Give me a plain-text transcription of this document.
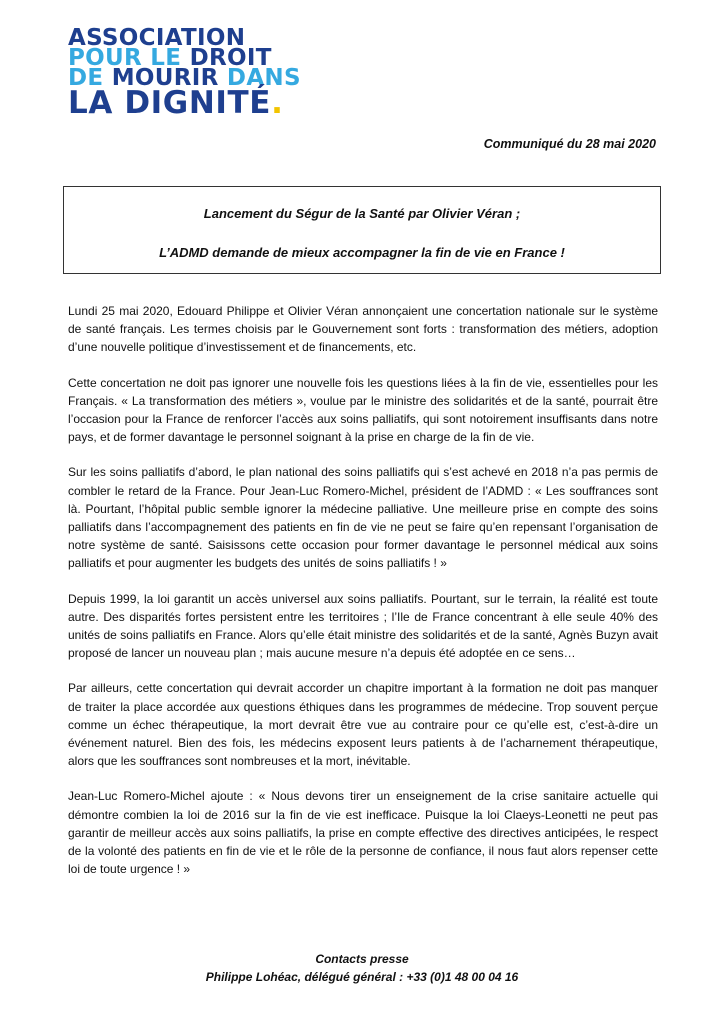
ASSOCIATION
POUR LE DROIT
DE MOURIR DANS
LA DIGNITÉ.
Communiqué du 28 mai 2020
Lancement du Ségur de la Santé par Olivier Véran ;
L’ADMD demande de mieux accompagner la fin de vie en France !

Lundi 25 mai 2020, Edouard Philippe et Olivier Véran annonçaient une concertation nationale sur le système de santé français. Les termes choisis par le Gouvernement sont forts : transformation des métiers, adoption d’une nouvelle politique d’investissement et de financements, etc.

Cette concertation ne doit pas ignorer une nouvelle fois les questions liées à la fin de vie, essentielles pour les Français. « La transformation des métiers », voulue par le ministre des solidarités et de la santé, pourrait être l’occasion pour la France de renforcer l’accès aux soins palliatifs, qui sont notoirement insuffisants dans notre pays, et de former davantage le personnel soignant à la prise en charge de la fin de vie.

Sur les soins palliatifs d’abord, le plan national des soins palliatifs qui s’est achevé en 2018 n’a pas permis de combler le retard de la France. Pour Jean-Luc Romero-Michel, président de l’ADMD : « Les souffrances sont là. Pourtant, l’hôpital public semble ignorer la médecine palliative. Une meilleure prise en compte des soins palliatifs dans l’accompagnement des patients en fin de vie ne peut se faire qu’en repensant l’organisation de notre système de santé. Saisissons cette occasion pour former davantage le personnel médical aux soins palliatifs et pour augmenter les budgets des unités de soins palliatifs ! »

Depuis 1999, la loi garantit un accès universel aux soins palliatifs. Pourtant, sur le terrain, la réalité est toute autre. Des disparités fortes persistent entre les territoires ; l’Ile de France concentrant à elle seule 40% des unités de soins palliatifs en France. Alors qu’elle était ministre des solidarités et de la santé, Agnès Buzyn avait proposé de lancer un nouveau plan ; mais aucune mesure n’a depuis été adoptée en ce sens…

Par ailleurs, cette concertation qui devrait accorder un chapitre important à la formation ne doit pas manquer de traiter la place accordée aux questions éthiques dans les programmes de médecine. Trop souvent perçue comme un échec thérapeutique, la mort devrait être vue au contraire pour ce qu’elle est, c’est-à-dire un événement naturel. Bien des fois, les médecins exposent leurs patients à de l’acharnement thérapeutique, alors que les souffrances sont nombreuses et la mort, inévitable.

Jean-Luc Romero-Michel ajoute : « Nous devons tirer un enseignement de la crise sanitaire actuelle qui démontre combien la loi de 2016 sur la fin de vie est inefficace. Puisque la loi Claeys-Leonetti ne peut pas garantir de meilleur accès aux soins palliatifs, la prise en compte effective des directives anticipées, le respect de la volonté des patients en fin de vie et le rôle de la personne de confiance, il nous faut alors repenser cette loi de toute urgence ! »

Contacts presse
Philippe Lohéac, délégué général : +33 (0)1 48 00 04 16
